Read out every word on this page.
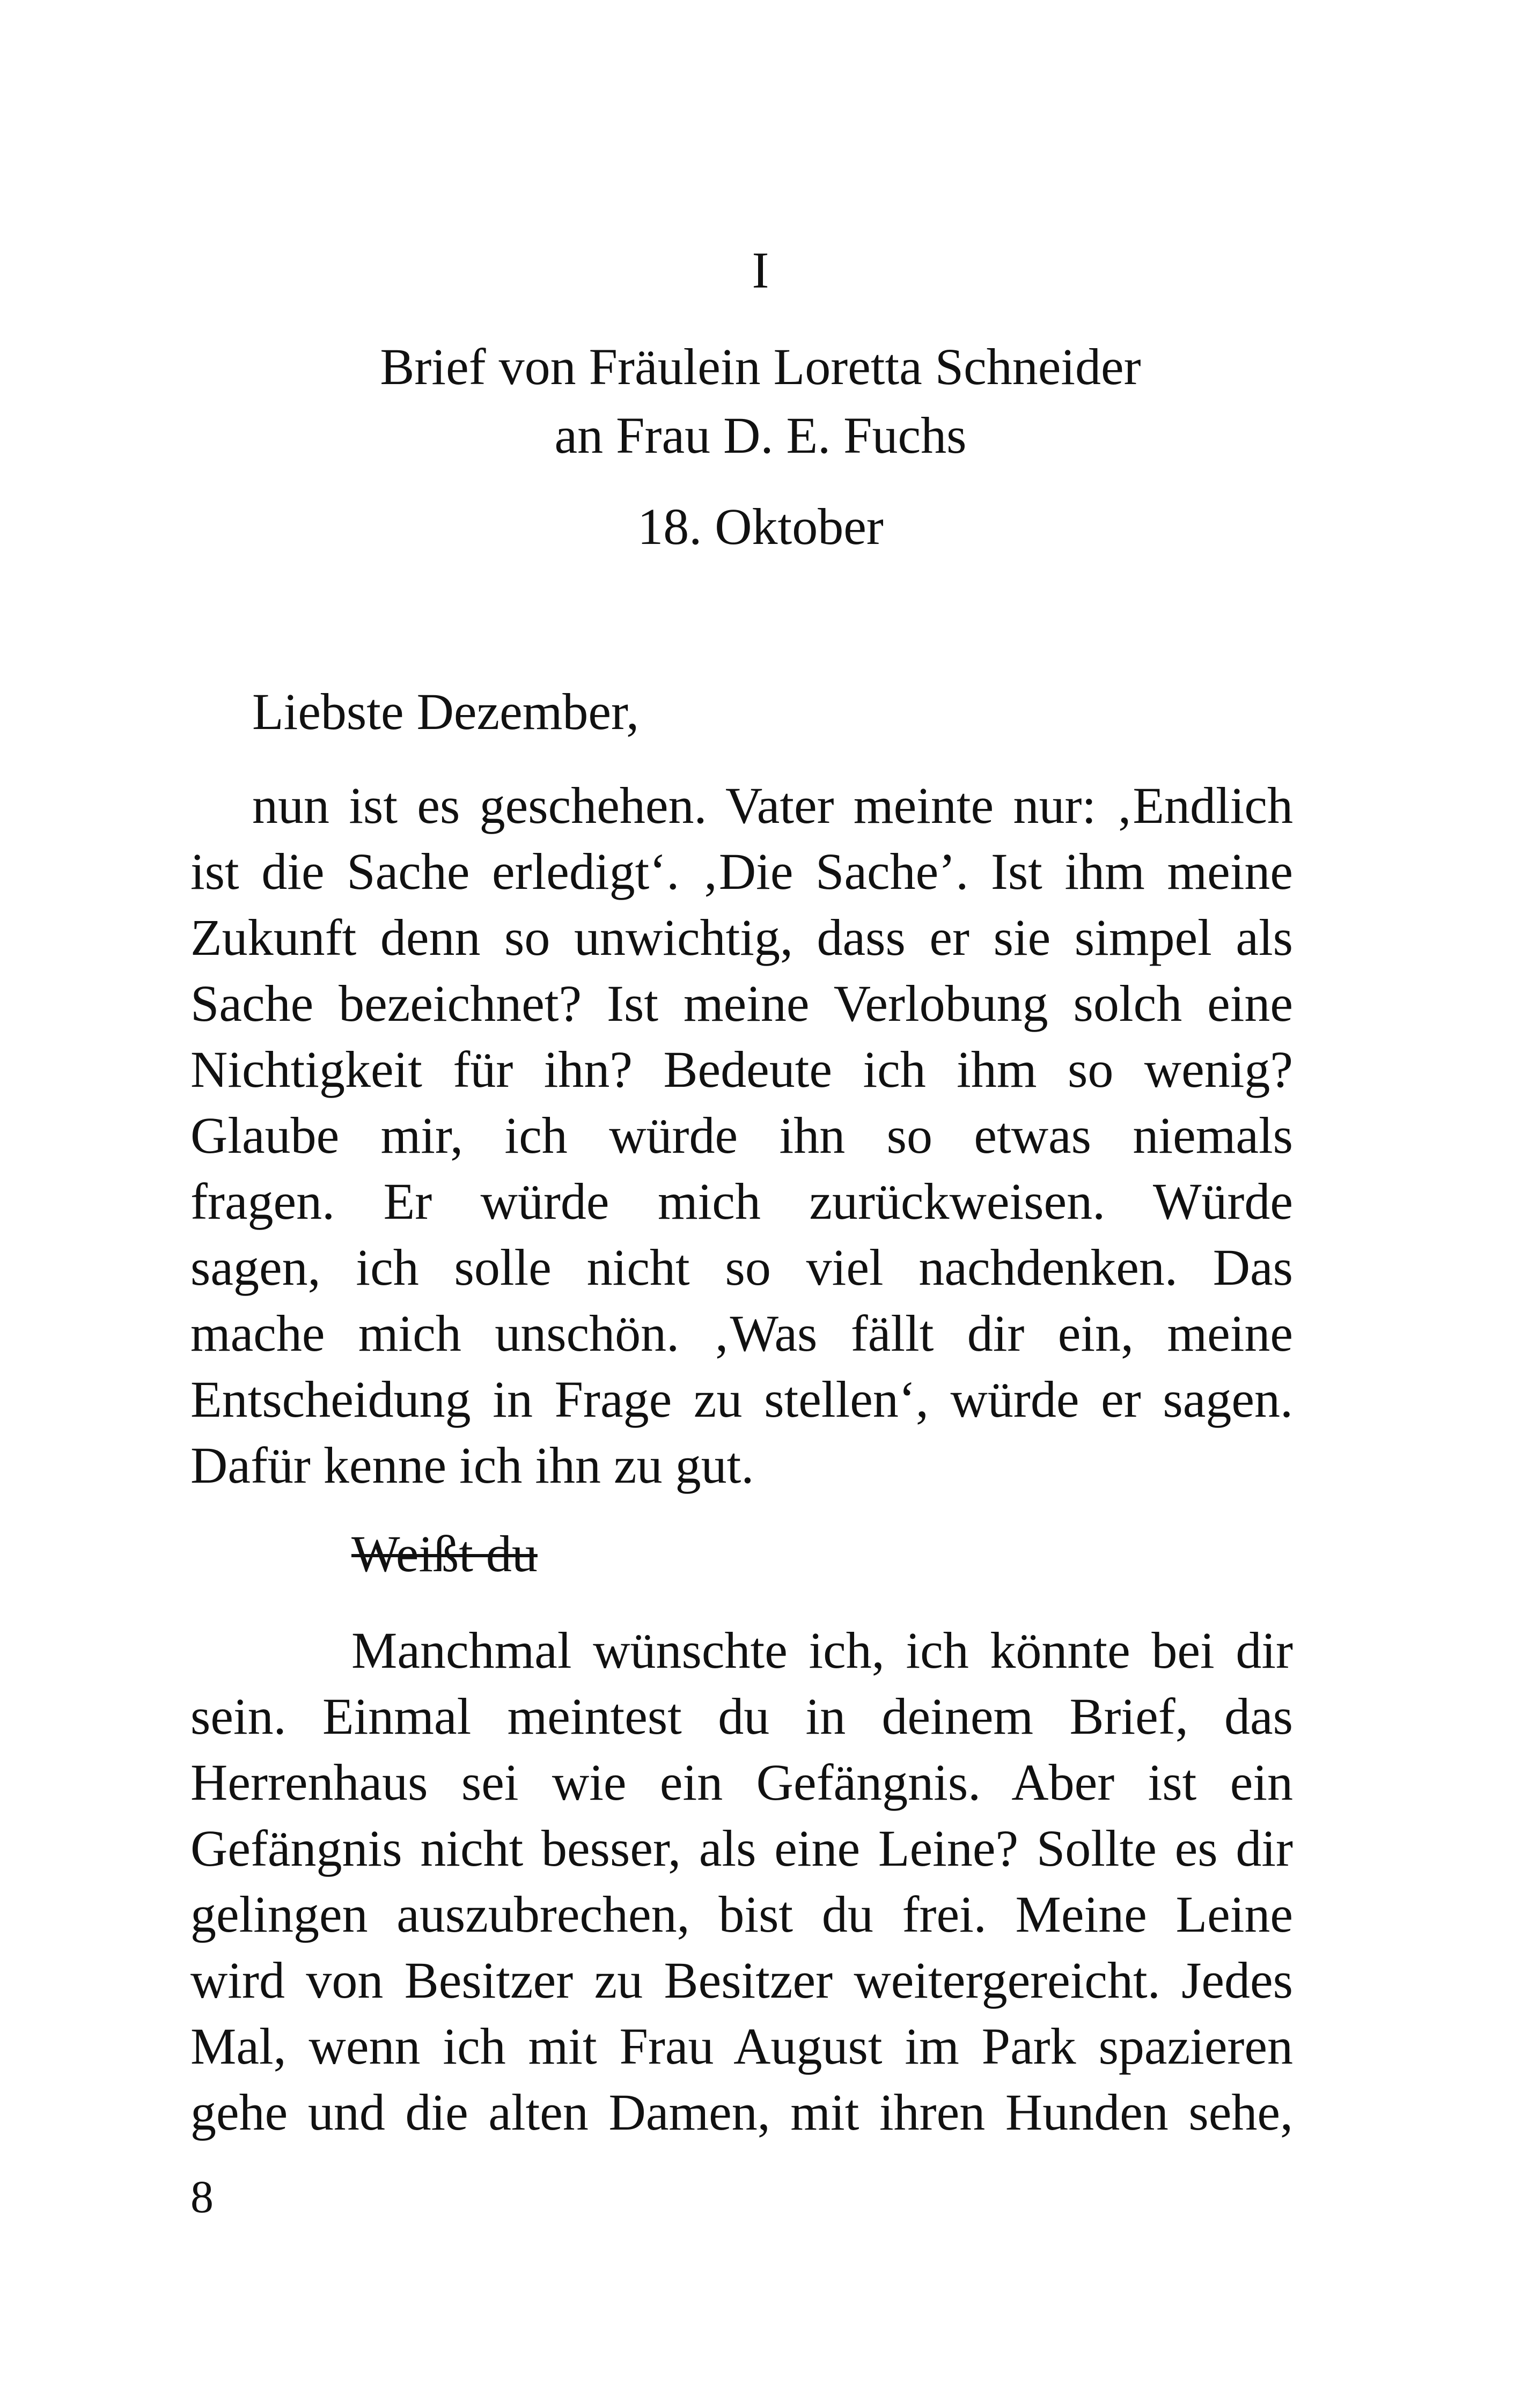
I
Brief von Fräulein Loretta Schneider
an Frau D. E. Fuchs
18. Oktober
Liebste Dezember,
nun ist es geschehen. Vater meinte nur: ‚Endlich
ist die Sache erledigt‘. ‚Die Sache’. Ist ihm meine
Zukunft denn so unwichtig, dass er sie simpel als
Sache bezeichnet? Ist meine Verlobung solch eine
Nichtigkeit für ihn? Bedeute ich ihm so wenig?
Glaube mir, ich würde ihn so etwas niemals
fragen. Er würde mich zurückweisen. Würde
sagen, ich solle nicht so viel nachdenken. Das
mache mich unschön. ‚Was fällt dir ein, meine
Entscheidung in Frage zu stellen‘, würde er sagen.
Dafür kenne ich ihn zu gut.
Weißt du
Manchmal wünschte ich, ich könnte bei dir
sein. Einmal meintest du in deinem Brief, das
Herrenhaus sei wie ein Gefängnis. Aber ist ein
Gefängnis nicht besser, als eine Leine? Sollte es dir
gelingen auszubrechen, bist du frei. Meine Leine
wird von Besitzer zu Besitzer weitergereicht. Jedes
Mal, wenn ich mit Frau August im Park spazieren
gehe und die alten Damen, mit ihren Hunden sehe,
8
